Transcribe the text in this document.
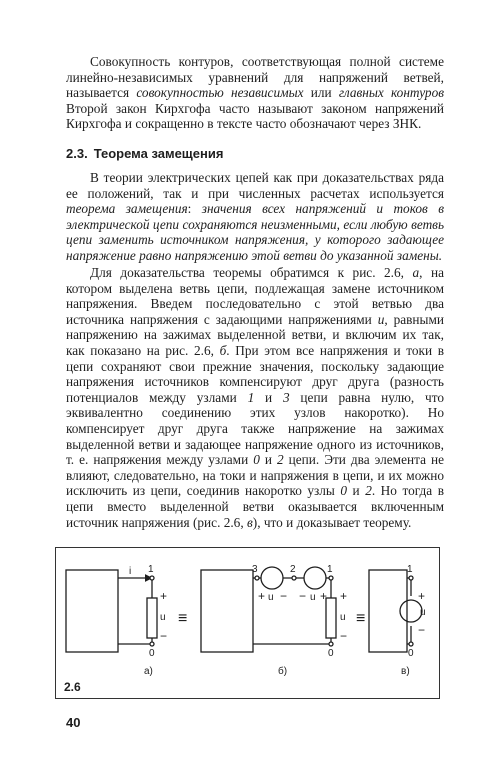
Совокупность контуров, соответствующая полной системе линейно-независимых уравнений для напряжений ветвей, называется совокупностью независимых или главных контуров Второй закон Кирхгофа часто называют законом напряжений Кирхгофа и сокращенно в тексте часто обозначают через ЗНК.

2.3. Теорема замещения

В теории электрических цепей как при доказательствах ряда ее положений, так и при численных расчетах используется теорема замещения: значения всех напряжений и токов в электрической цепи сохраняются неизменными, если любую ветвь цепи заменить источником напряжения, у которого задающее напряжение равно напряжению этой ветви до указанной замены.

Для доказательства теоремы обратимся к рис. 2.6, а, на котором выделена ветвь цепи, подлежащая замене источником напряжения. Введем последовательно с этой ветвью два источника напряжения с задающими напряжениями u, равными напряжению на зажимах выделенной ветви, и включим их так, как показано на рис. 2.6, б. При этом все напряжения и токи в цепи сохраняют свои прежние значения, поскольку задающие напряжения источников компенсируют друг друга (разность потенциалов между узлами 1 и 3 цепи равна нулю, что эквивалентно соединению этих узлов накоротко). Но компенсирует друг друга также напряжение на зажимах выделенной ветви и задающее напряжение одного из источников, т. е. напряжения между узлами 0 и 2 цепи. Эти два элемента не влияют, следовательно, на токи и напряжения в цепи, и их можно исключить из цепи, соединив накоротко узлы 0 и 2. Но тогда в цепи вместо выделенной ветви оказывается включенным источник напряжения (рис. 2.6, в), что и доказывает теорему.

i 1
+
u
−
0
а)
≡
3	2	1
+ u − − u + +
u
−
0
б)
≡
1
+
u
−
0
в)
2.6
40
